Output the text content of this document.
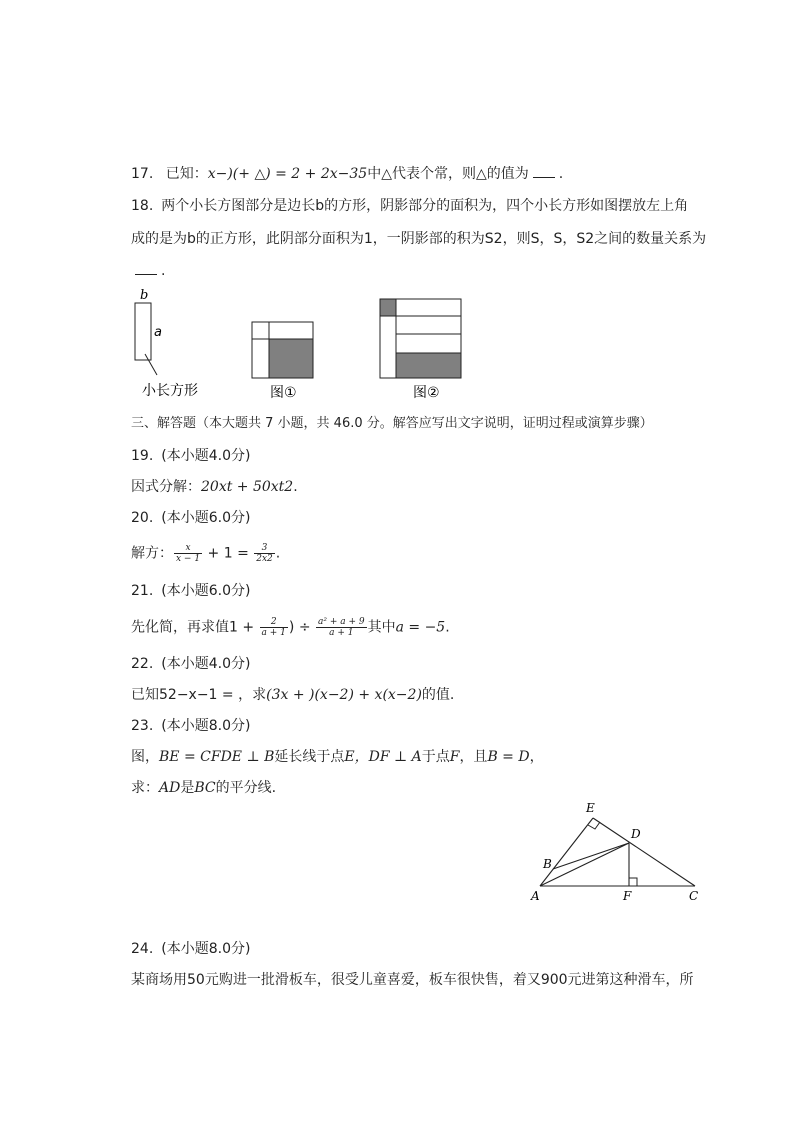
17. 已知：x−)(+ △) = 2 + 2x−35中△代表个常，则△的值为 .
18. 两个小长方图部分是边长b的方形，阴影部分的面积为，四个小长方形如图摆放左上角
成的是为b的正方形，此阴部分面积为1，一阴影部的积为S2，则S，S，S2之间的数量关系为
.
b
a
小长方形	图①	图②
三、解答题（本大题共 7 小题，共 46.0 分。解答应写出文字说明，证明过程或演算步骤）
19. (本小题4.0分)
因式分解：20xt + 50xt2.
20. (本小题6.0分)
解方： $\frac{x}{x - 1} + 1 = \frac{3}{2x2}$ .
21. (本小题6.0分)
先化简，再求值$1 + \frac{2}{a + 1}$ ) ÷ $\frac{\text{a² + a + 9}}{a + 1}$ 其中a = −5.
22. (本小题4.0分)
已知52−x−1 = ，求(3x + )(x−2) + x(x−2)的值.
23. (本小题8.0分)
图，BE = CFDE ⊥ B延长线于点E，DF ⊥ A于点F，且B = D，
求：AD是BC的平分线.
E
D
B
A	F	C
24. (本小题8.0分)
某商场用50元购进一批滑板车，很受儿童喜爱，板车很快售，着又900元进第这种滑车，所
